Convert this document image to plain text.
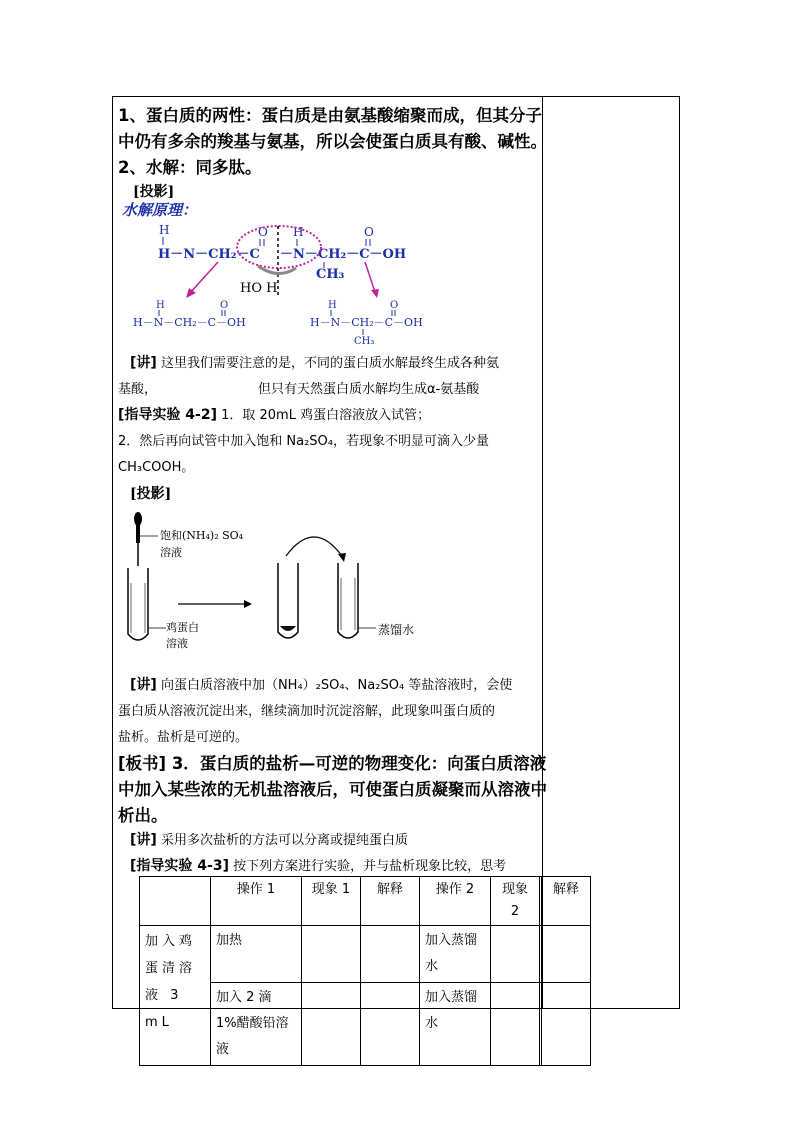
1、蛋白质的两性：蛋白质是由氨基酸缩聚而成，但其分子
中仍有多余的羧基与氨基，所以会使蛋白质具有酸、碱性。
2、水解：同多肽。
[投影]
水解原理：
H
H－N－CH₂－C
O H
－N－CH₂－C－OH
O
CH₃
HO H
H	O
H－N－CH₂－C－OH
H	O
H－N－CH₂－C－OH
CH₃
[讲] 这里我们需要注意的是，不同的蛋白质水解最终生成各种氨
基酸，	但只有天然蛋白质水解均生成α-氨基酸
[指导实验 4-2] 1．取 20mL 鸡蛋白溶液放入试管；
2．然后再向试管中加入饱和 Na₂SO₄，若现象不明显可滴入少量
CH₃COOH。
[投影]
饱和(NH₄)₂ SO₄
溶液
鸡蛋白
溶液
蒸馏水
[讲] 向蛋白质溶液中加（NH₄）₂SO₄、Na₂SO₄ 等盐溶液时，会使
蛋白质从溶液沉淀出来，继续滴加时沉淀溶解，此现象叫蛋白质的
盐析。盐析是可逆的。
[板书] 3．蛋白质的盐析—可逆的物理变化：向蛋白质溶液
中加入某些浓的无机盐溶液后，可使蛋白质凝聚而从溶液中
析出。
[讲] 采用多次盐析的方法可以分离或提纯蛋白质
[指导实验 4-3] 按下列方案进行实验，并与盐析现象比较，思考
	操作 1	现象 1	解释	操作 2	现象 2		解释
加入鸡蛋清溶液 3 mL	加热			加入蒸馏水			
	加入 2 滴 1%醋酸铅溶液			加入蒸馏水			
